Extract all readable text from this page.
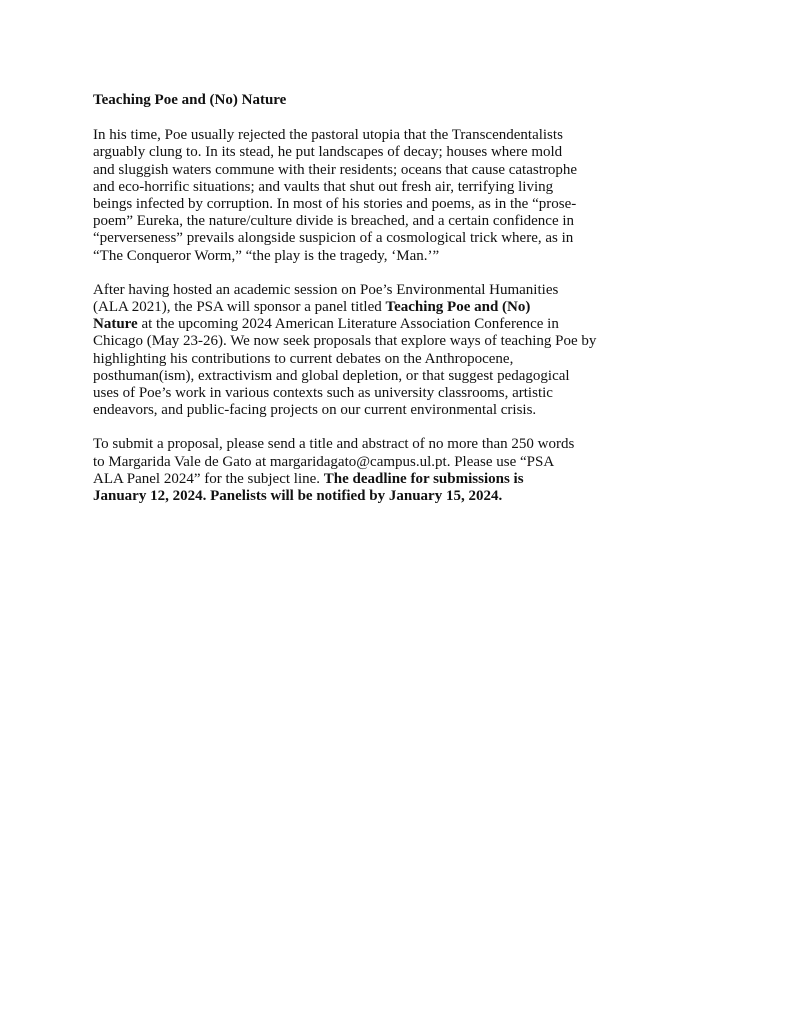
Teaching Poe and (No) Nature
In his time, Poe usually rejected the pastoral utopia that the Transcendentalists
arguably clung to. In its stead, he put landscapes of decay; houses where mold
and sluggish waters commune with their residents; oceans that cause catastrophe
and eco-horrific situations; and vaults that shut out fresh air, terrifying living
beings infected by corruption. In most of his stories and poems, as in the “prose-
poem” Eureka, the nature/culture divide is breached, and a certain confidence in
“perverseness” prevails alongside suspicion of a cosmological trick where, as in
“The Conqueror Worm,” “the play is the tragedy, ‘Man.’”
After having hosted an academic session on Poe’s Environmental Humanities
(ALA 2021), the PSA will sponsor a panel titled Teaching Poe and (No)
Nature at the upcoming 2024 American Literature Association Conference in
Chicago (May 23-26). We now seek proposals that explore ways of teaching Poe by
highlighting his contributions to current debates on the Anthropocene,
posthuman(ism), extractivism and global depletion, or that suggest pedagogical
uses of Poe’s work in various contexts such as university classrooms, artistic
endeavors, and public-facing projects on our current environmental crisis.
To submit a proposal, please send a title and abstract of no more than 250 words
to Margarida Vale de Gato at margaridagato@campus.ul.pt. Please use “PSA
ALA Panel 2024” for the subject line. The deadline for submissions is
January 12, 2024. Panelists will be notified by January 15, 2024.
